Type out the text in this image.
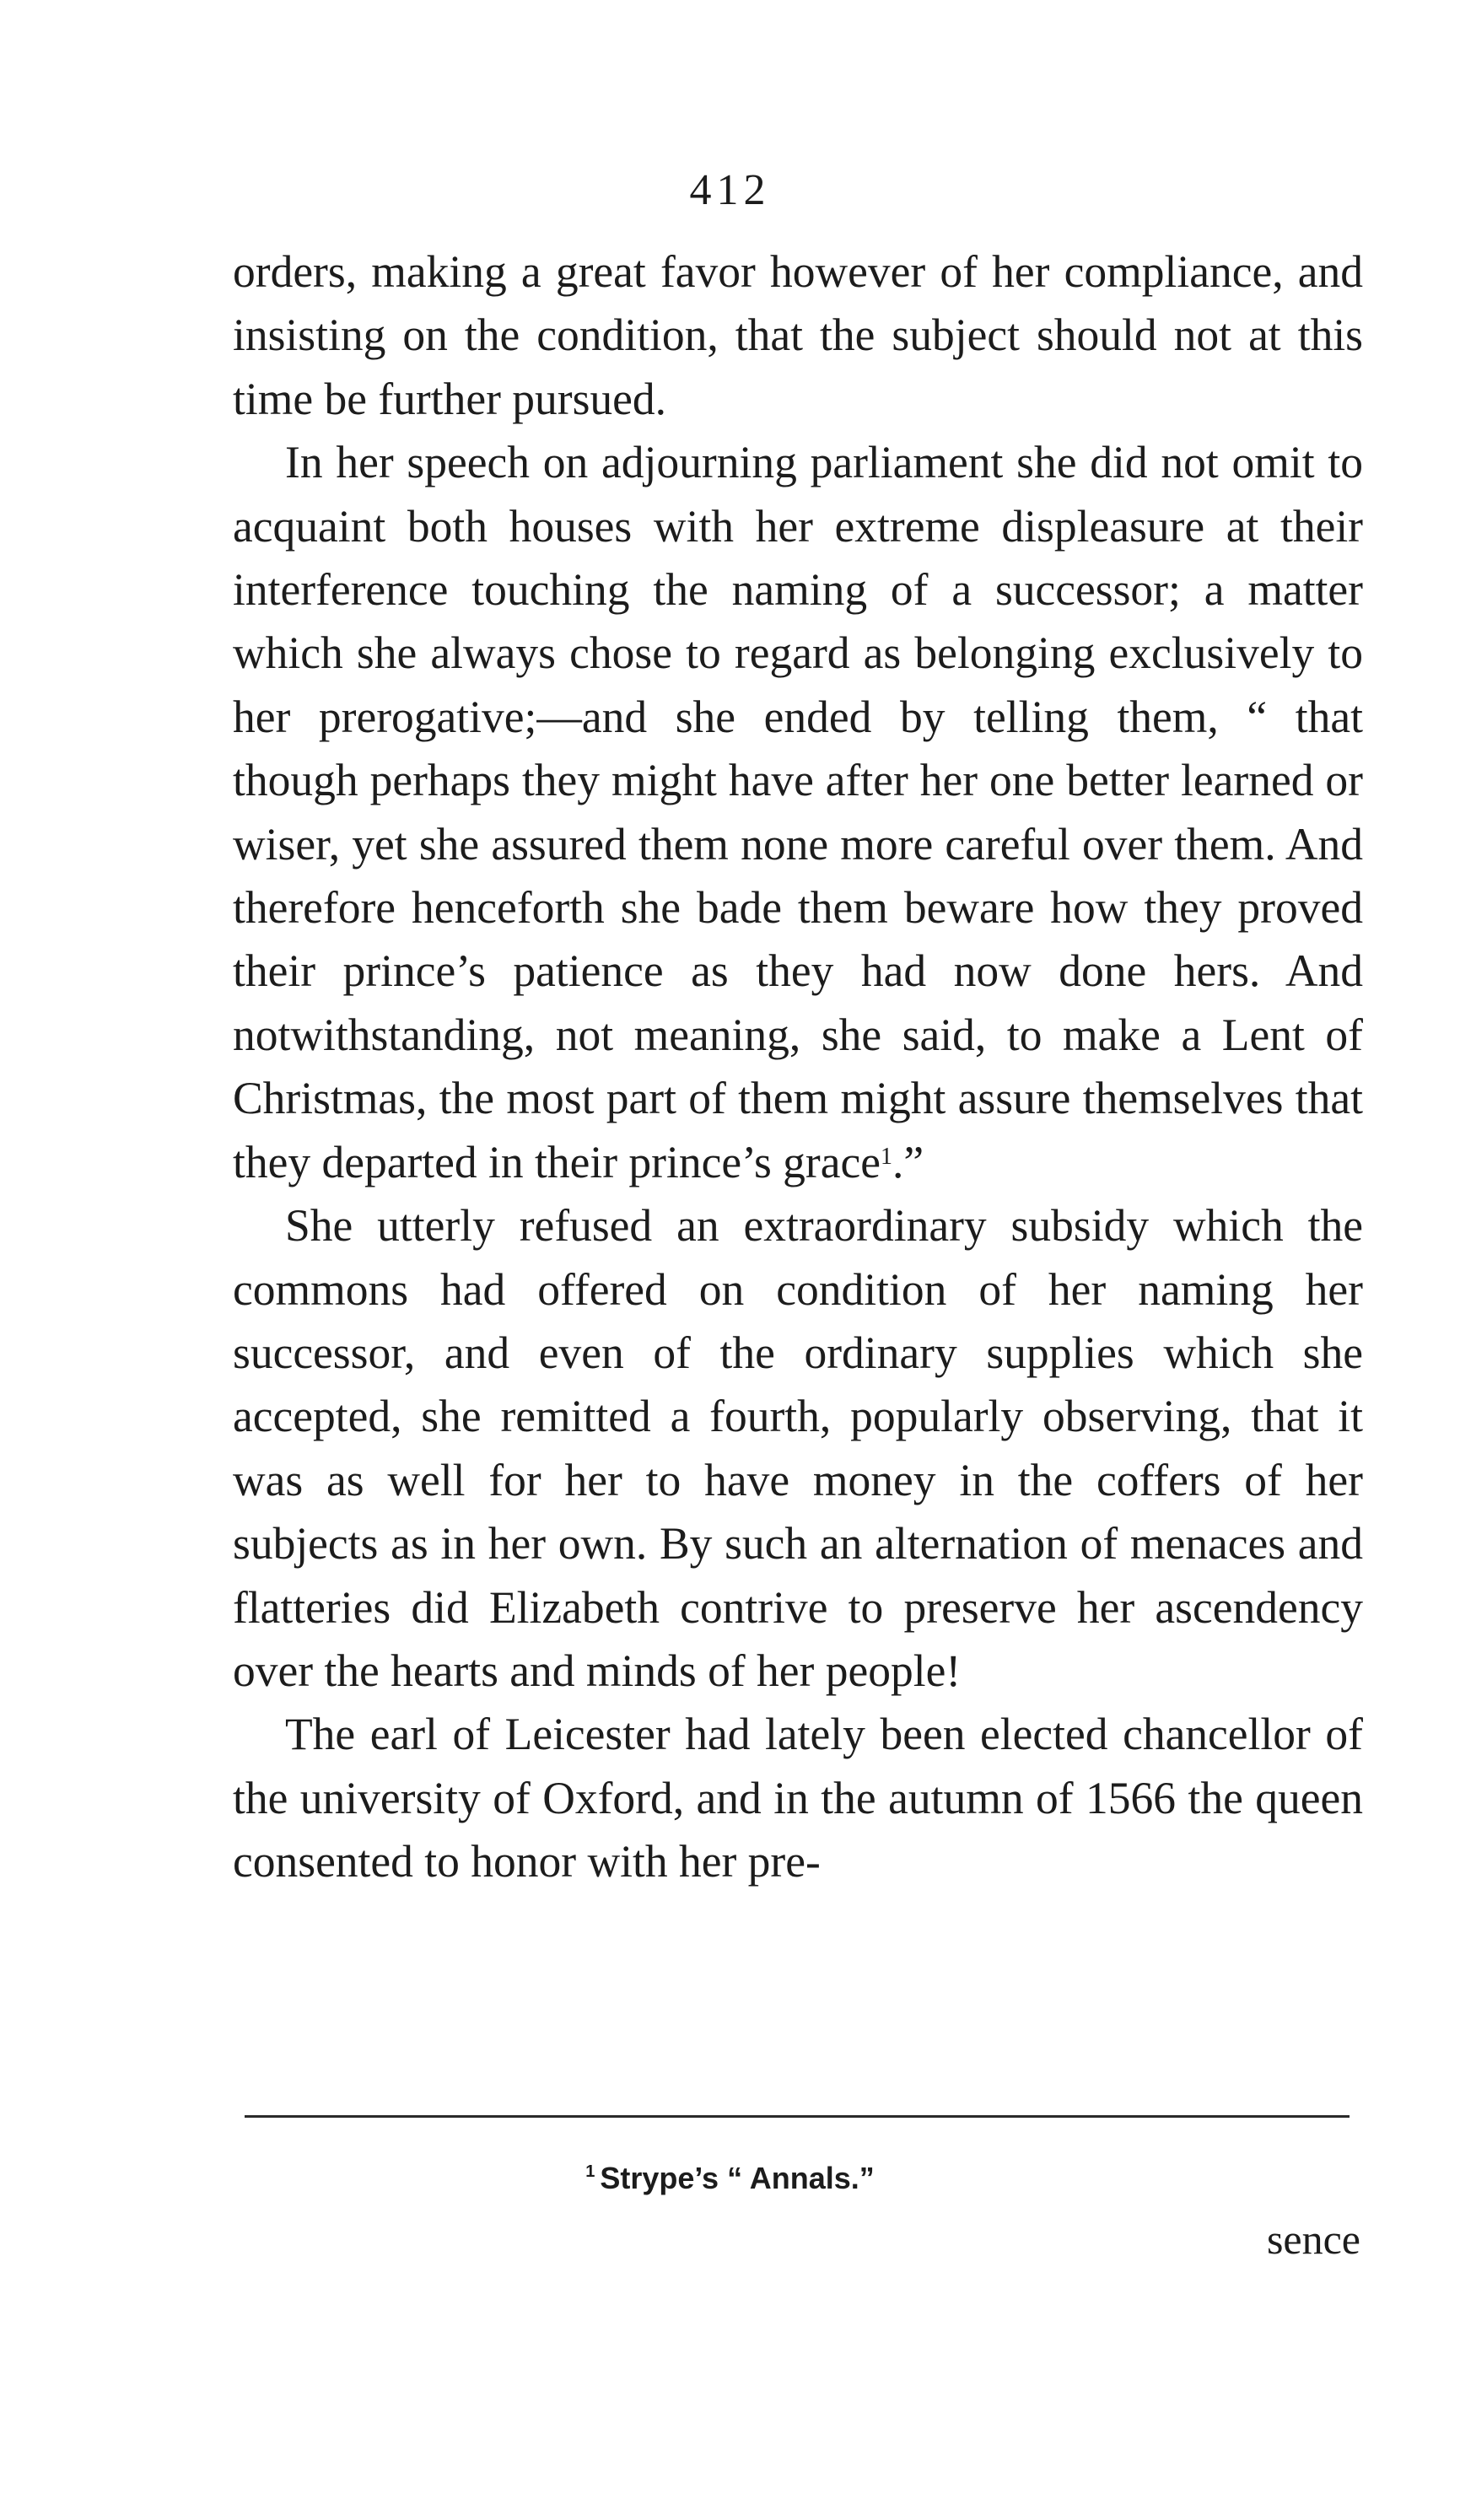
412

orders, making a great favor however of her compliance, and insisting on the condition, that the subject should not at this time be further pursued.

In her speech on adjourning parliament she did not omit to acquaint both houses with her extreme displeasure at their interference touching the naming of a successor; a matter which she always chose to regard as belonging exclusively to her prerogative;—and she ended by telling them, “ that though perhaps they might have after her one better learned or wiser, yet she assured them none more careful over them. And therefore henceforth she bade them beware how they proved their prince’s patience as they had now done hers. And notwithstanding, not meaning, she said, to make a Lent of Christmas, the most part of them might assure themselves that they departed in their prince’s grace$^1$.”

She utterly refused an extraordinary subsidy which the commons had offered on condition of her naming her successor, and even of the ordinary supplies which she accepted, she remitted a fourth, popularly observing, that it was as well for her to have money in the coffers of her subjects as in her own. By such an alternation of menaces and flatteries did Elizabeth contrive to preserve her ascendency over the hearts and minds of her people!

The earl of Leicester had lately been elected chancellor of the university of Oxford, and in the autumn of 1566 the queen consented to honor with her pre-

$^1$ Strype’s “ Annals.”
sence
